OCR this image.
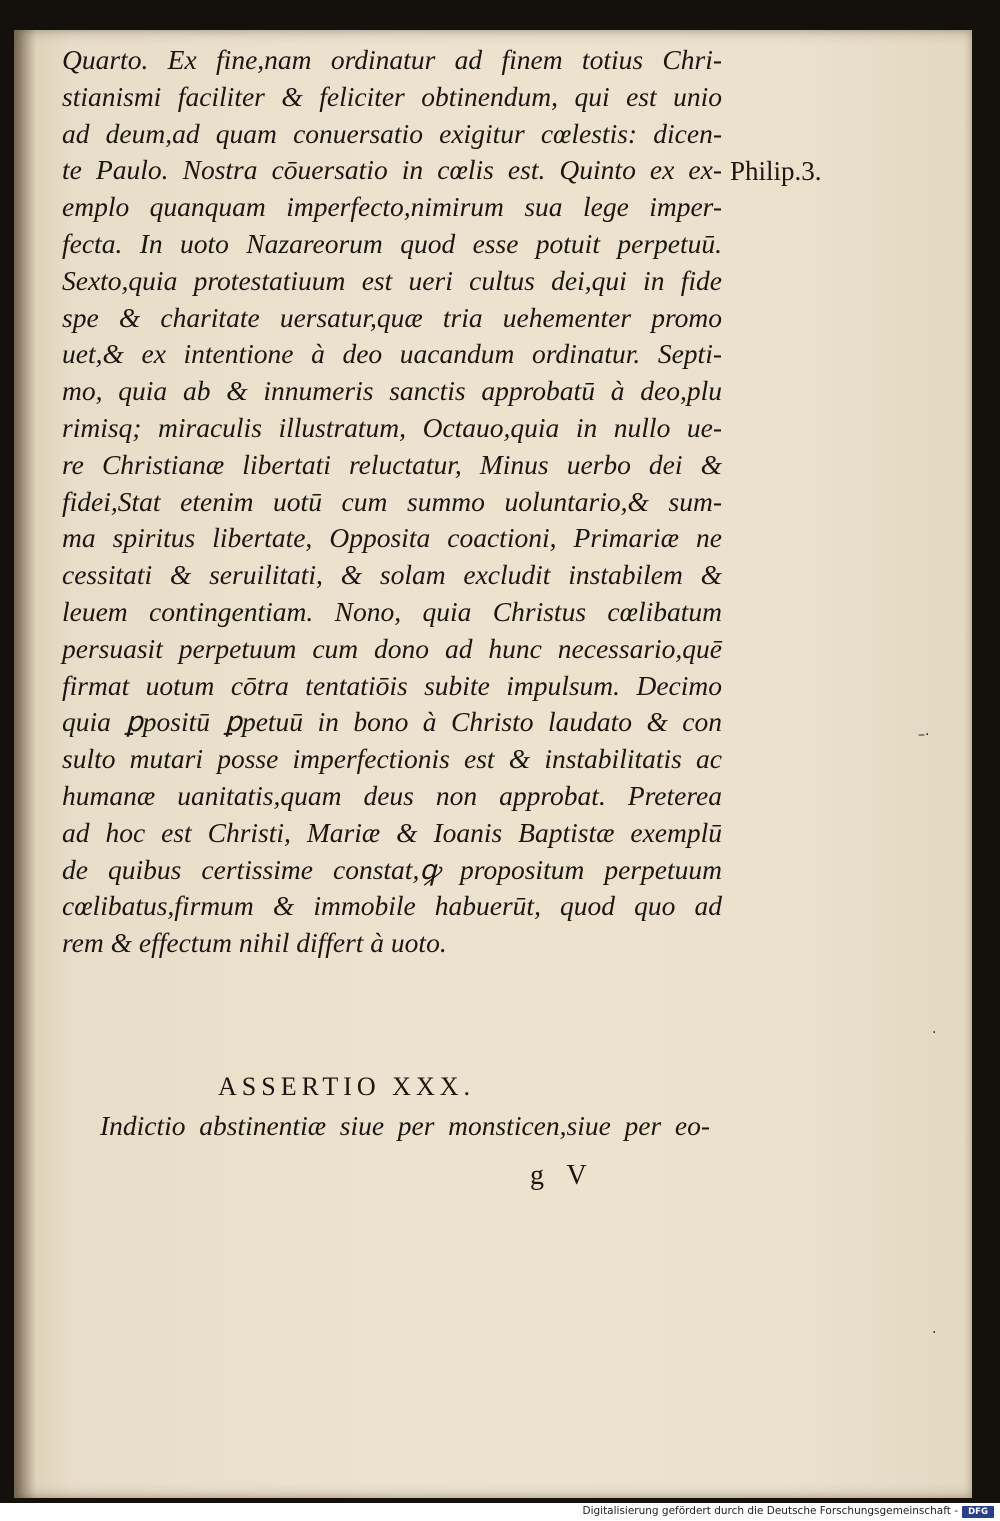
Quarto. Ex fine,nam ordinatur ad finem totius Chri-
stianismi faciliter & feliciter obtinendum, qui est unio
ad deum,ad quam conuersatio exigitur cœlestis: dicen-
te Paulo. Nostra cōuersatio in cœlis est. Quinto ex ex-
emplo quanquam imperfecto,nimirum sua lege imper-
fecta. In uoto Nazareorum quod esse potuit perpetuū.
Sexto,quia protestatiuum est ueri cultus dei,qui in fide
spe & charitate uersatur,quæ tria uehementer promo
uet,& ex intentione à deo uacandum ordinatur. Septi-
mo, quia ab & innumeris sanctis approbatū à deo,plu
rimisq; miraculis illustratum, Octauo,quia in nullo ue-
re Christianæ libertati reluctatur, Minus uerbo dei &
fidei,Stat etenim uotū cum summo uoluntario,& sum-
ma spiritus libertate, Opposita coactioni, Primariæ ne
cessitati & seruilitati, & solam excludit instabilem &
leuem contingentiam. Nono, quia Christus cœlibatum
persuasit perpetuum cum dono ad hunc necessario,quē
firmat uotum cōtra tentatiōis subite impulsum. Decimo
quia ꝑpositū ꝑpetuū in bono à Christo laudato & con
sulto mutari posse imperfectionis est & instabilitatis ac
humanæ uanitatis,quam deus non approbat. Preterea
ad hoc est Christi, Mariæ & Ioanis Baptistæ exemplū
de quibus certissime constat,ꝙ propositum perpetuum
cœlibatus,firmum & immobile habuerūt, quod quo ad
rem & effectum nihil differt à uoto.
Philip.3.
ASSERTIO XXX.
Indictio abstinentiæ siue per monsticen,siue per eo-
g V
–·
·
·
Digitalisierung gefördert durch die Deutsche Forschungsgemeinschaft -	DFG
